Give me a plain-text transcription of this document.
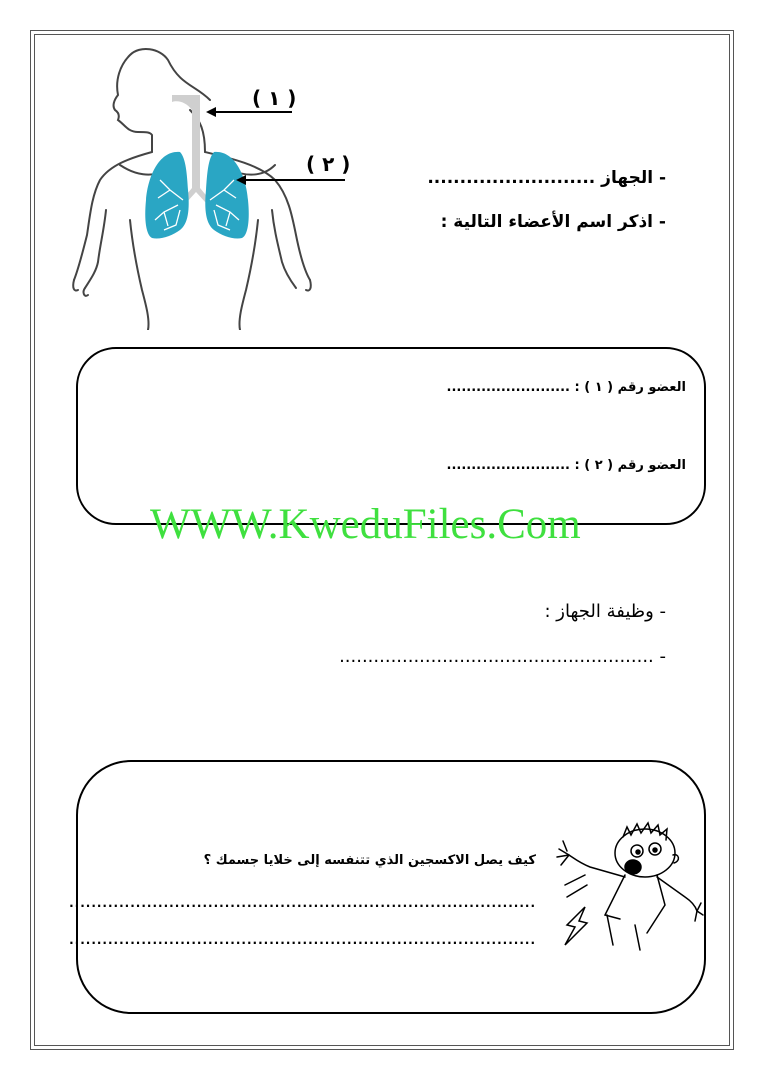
( ١ )
( ٢ )
- الجهاز ..........................
- اذكر اسم الأعضاء التالية :
العضو رقم ( ١ ) : .........................
العضو رقم ( ٢ ) : .........................
WWW.KweduFiles.Com
- وظيفة الجهاز :
- .......................................................
كيف يصل الاكسجين الذي تتنفسه إلى خلايا جسمك ؟
....................................................................................
....................................................................................
